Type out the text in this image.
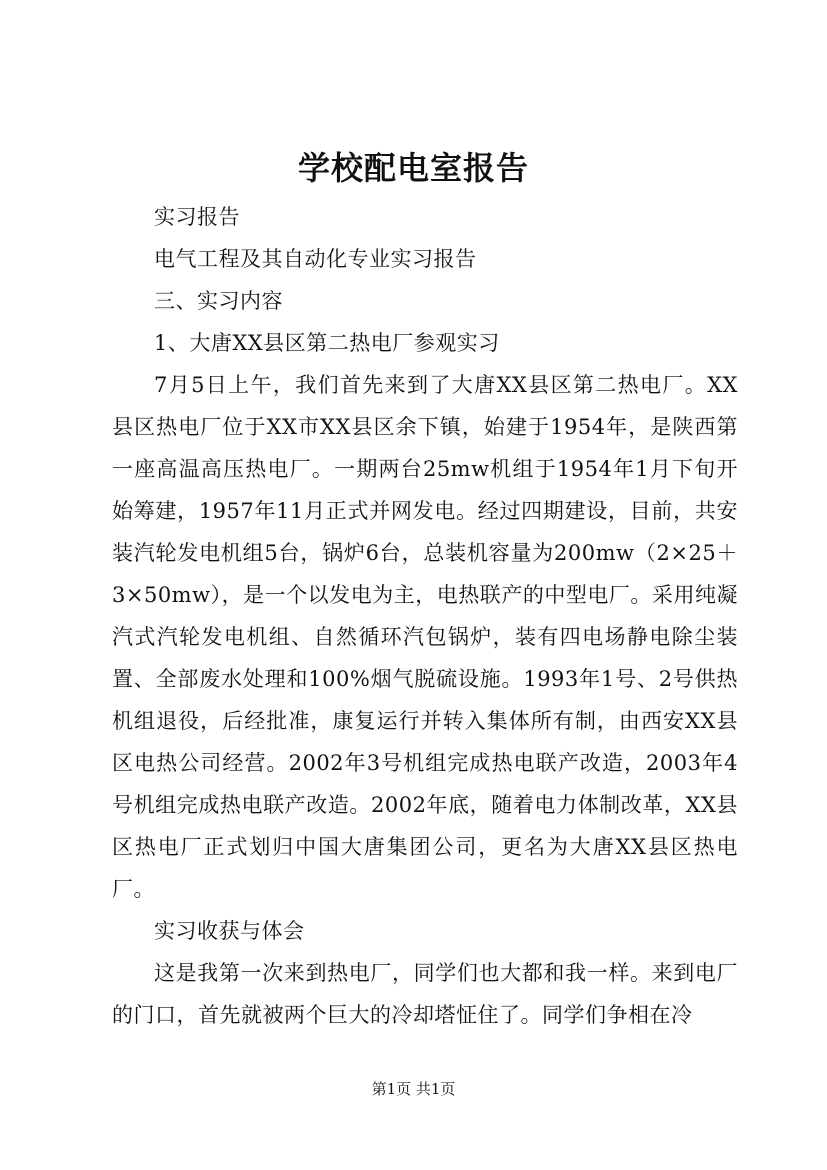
学校配电室报告

实习报告

电气工程及其自动化专业实习报告

三、实习内容

1、大唐XX县区第二热电厂参观实习

7月5日上午，我们首先来到了大唐XX县区第二热电厂。XX县区热电厂位于XX市XX县区余下镇，始建于1954年，是陕西第一座高温高压热电厂。一期两台25mw机组于1954年1月下旬开始筹建，1957年11月正式并网发电。经过四期建设，目前，共安装汽轮发电机组5台，锅炉6台，总装机容量为200mw（2×25＋3×50mw），是一个以发电为主，电热联产的中型电厂。采用纯凝汽式汽轮发电机组、自然循环汽包锅炉，装有四电场静电除尘装置、全部废水处理和100%烟气脱硫设施。1993年1号、2号供热机组退役，后经批准，康复运行并转入集体所有制，由西安XX县区电热公司经营。2002年3号机组完成热电联产改造，2003年4号机组完成热电联产改造。2002年底，随着电力体制改革，XX县区热电厂正式划归中国大唐集团公司，更名为大唐XX县区热电厂。

实习收获与体会

这是我第一次来到热电厂，同学们也大都和我一样。来到电厂的门口，首先就被两个巨大的冷却塔怔住了。同学们争相在冷

第1页 共1页
